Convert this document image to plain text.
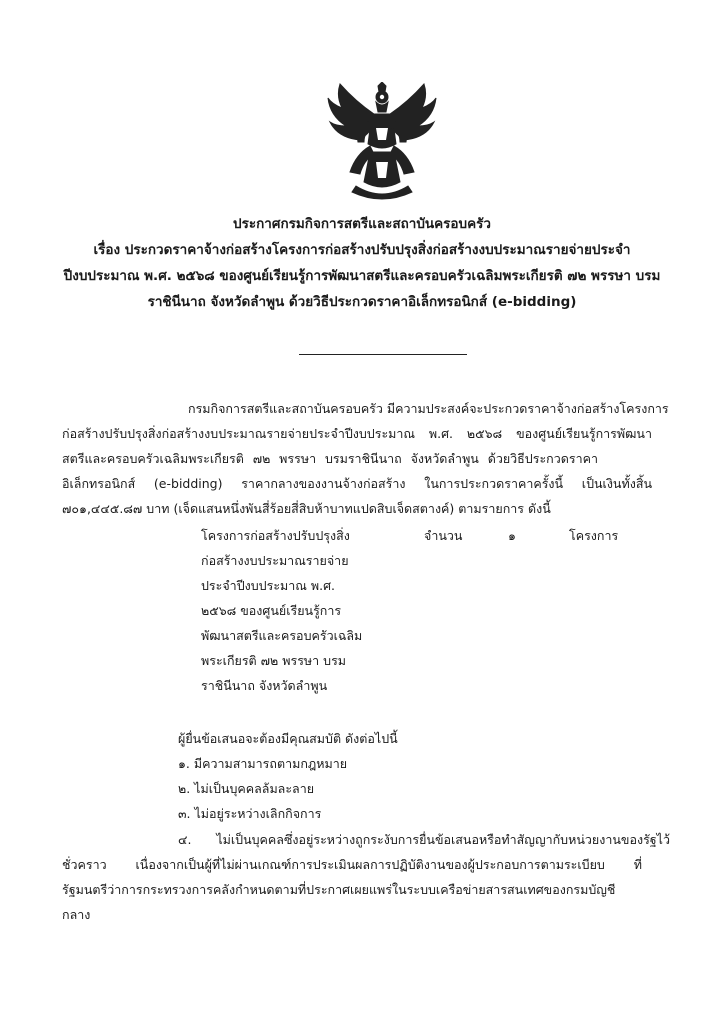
ประกาศกรมกิจการสตรีและสถาบันครอบครัว
เรื่อง ประกวดราคาจ้างก่อสร้างโครงการก่อสร้างปรับปรุงสิ่งก่อสร้างงบประมาณรายจ่ายประจำ
ปีงบประมาณ พ.ศ. ๒๕๖๘ ของศูนย์เรียนรู้การพัฒนาสตรีและครอบครัวเฉลิมพระเกียรติ ๗๒ พรรษา บรม
ราชินีนาถ จังหวัดลำพูน ด้วยวิธีประกวดราคาอิเล็กทรอนิกส์ (e-bidding)
กรมกิจการสตรีและสถาบันครอบครัว มีความประสงค์จะประกวดราคาจ้างก่อสร้างโครงการ
ก่อสร้างปรับปรุงสิ่งก่อสร้างงบประมาณรายจ่ายประจำปีงบประมาณ พ.ศ. ๒๕๖๘ ของศูนย์เรียนรู้การพัฒนา
สตรีและครอบครัวเฉลิมพระเกียรติ ๗๒ พรรษา บรมราชินีนาถ จังหวัดลำพูน ด้วยวิธีประกวดราคา
อิเล็กทรอนิกส์ (e-bidding) ราคากลางของงานจ้างก่อสร้าง ในการประกวดราคาครั้งนี้ เป็นเงินทั้งสิ้น
๗๐๑,๔๔๕.๘๗ บาท (เจ็ดแสนหนึ่งพันสี่ร้อยสี่สิบห้าบาทแปดสิบเจ็ดสตางค์) ตามรายการ ดังนี้
โครงการก่อสร้างปรับปรุงสิ่ง	จำนวน	๑	โครงการ
ก่อสร้างงบประมาณรายจ่าย
ประจำปีงบประมาณ พ.ศ.
๒๕๖๘ ของศูนย์เรียนรู้การ
พัฒนาสตรีและครอบครัวเฉลิม
พระเกียรติ ๗๒ พรรษา บรม
ราชินีนาถ จังหวัดลำพูน
ผู้ยื่นข้อเสนอจะต้องมีคุณสมบัติ ดังต่อไปนี้
๑. มีความสามารถตามกฎหมาย
๒. ไม่เป็นบุคคลล้มละลาย
๓. ไม่อยู่ระหว่างเลิกกิจการ
๔. ไม่เป็นบุคคลซึ่งอยู่ระหว่างถูกระงับการยื่นข้อเสนอหรือทำสัญญากับหน่วยงานของรัฐไว้
ชั่วคราว เนื่องจากเป็นผู้ที่ไม่ผ่านเกณฑ์การประเมินผลการปฏิบัติงานของผู้ประกอบการตามระเบียบ ที่
รัฐมนตรีว่าการกระทรวงการคลังกำหนดตามที่ประกาศเผยแพร่ในระบบเครือข่ายสารสนเทศของกรมบัญชี
กลาง
